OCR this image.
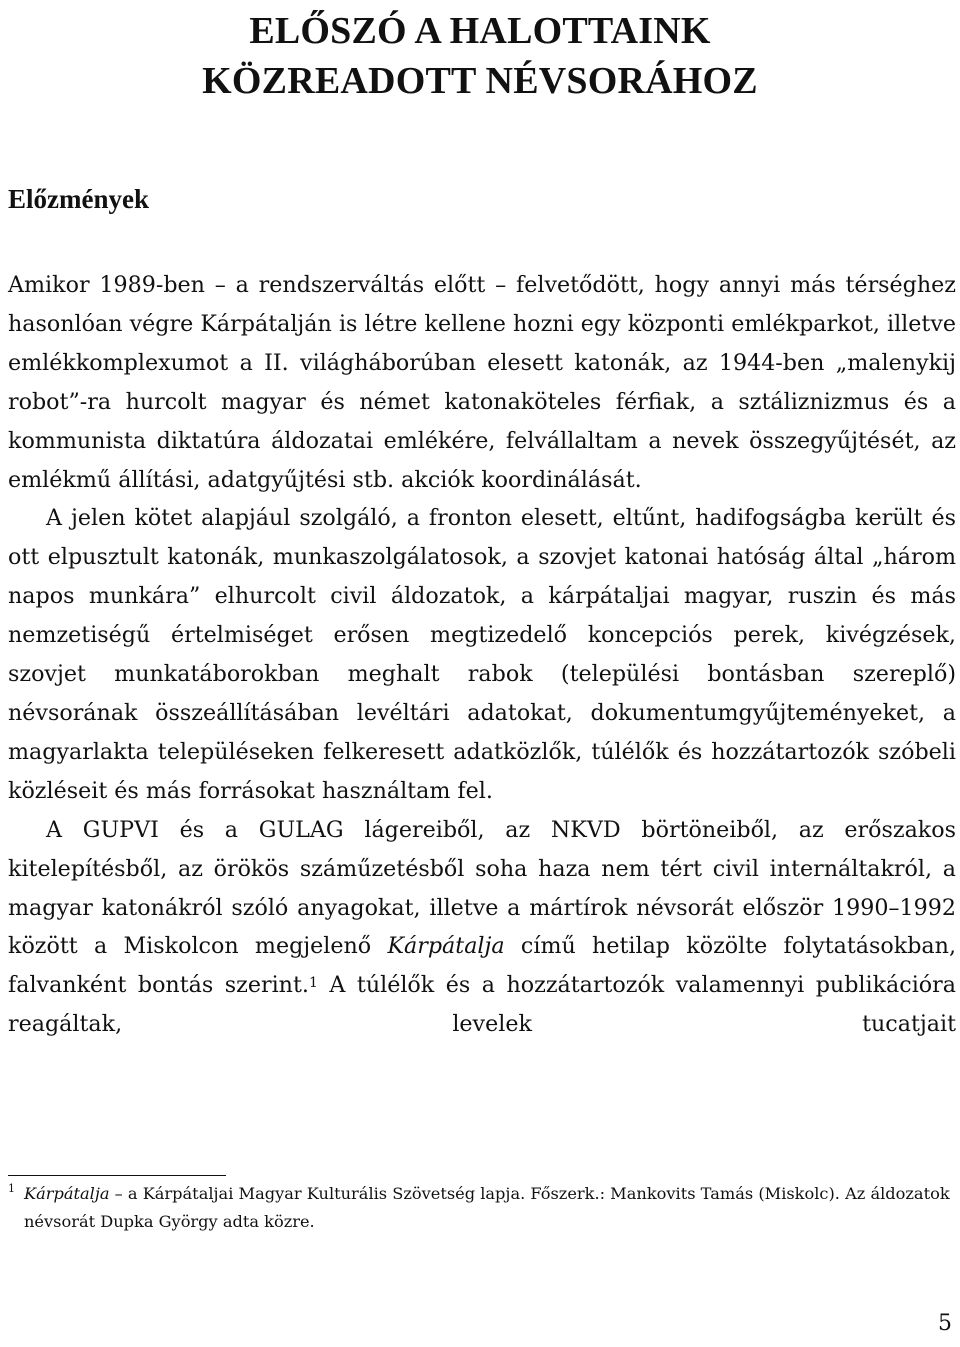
ELŐSZÓ A HALOTTAINK
KÖZREADOTT NÉVSORÁHOZ
Előzmények

Amikor 1989-ben – a rendszerváltás előtt – felvetődött, hogy annyi más térséghez hasonlóan végre Kárpátalján is létre kellene hozni egy központi emlékparkot, illetve emlékkomplexumot a II. világháborúban elesett katonák, az 1944-ben „malenykij robot”-ra hurcolt magyar és német katonaköteles férfiak, a sztáliznizmus és a kommunista diktatúra áldozatai emlékére, felvállaltam a nevek összegyűjtését, az emlékmű állítási, adatgyűjtési stb. akciók koordinálását.

A jelen kötet alapjául szolgáló, a fronton elesett, eltűnt, hadifogságba került és ott elpusztult katonák, munkaszolgálatosok, a szovjet katonai hatóság által „három napos munkára” elhurcolt civil áldozatok, a kárpátaljai magyar, ruszin és más nemzetiségű értelmiséget erősen megtizedelő koncepciós perek, kivégzések, szovjet munkatáborokban meghalt rabok (települési bontásban szereplő) névsorának összeállításában levéltári adatokat, dokumentumgyűjteményeket, a magyarlakta településeken felkeresett adatközlők, túlélők és hozzátartozók szóbeli közléseit és más forrásokat használtam fel.

A GUPVI és a GULAG lágereiből, az NKVD börtöneiből, az erőszakos kitelepítésből, az örökös száműzetésből soha haza nem tért civil internáltakról, a magyar katonákról szóló anyagokat, illetve a mártírok névsorát először 1990–1992 között a Miskolcon megjelenő Kárpátalja című hetilap közölte folytatásokban, falvanként bontás szerint.$^1$ A túlélők és a hozzátartozók valamennyi publikációra reagáltak, levelek tucatjait

1 Kárpátalja – a Kárpátaljai Magyar Kulturális Szövetség lapja. Főszerk.: Mankovits Tamás (Miskolc). Az áldozatok névsorát Dupka György adta közre.
5
